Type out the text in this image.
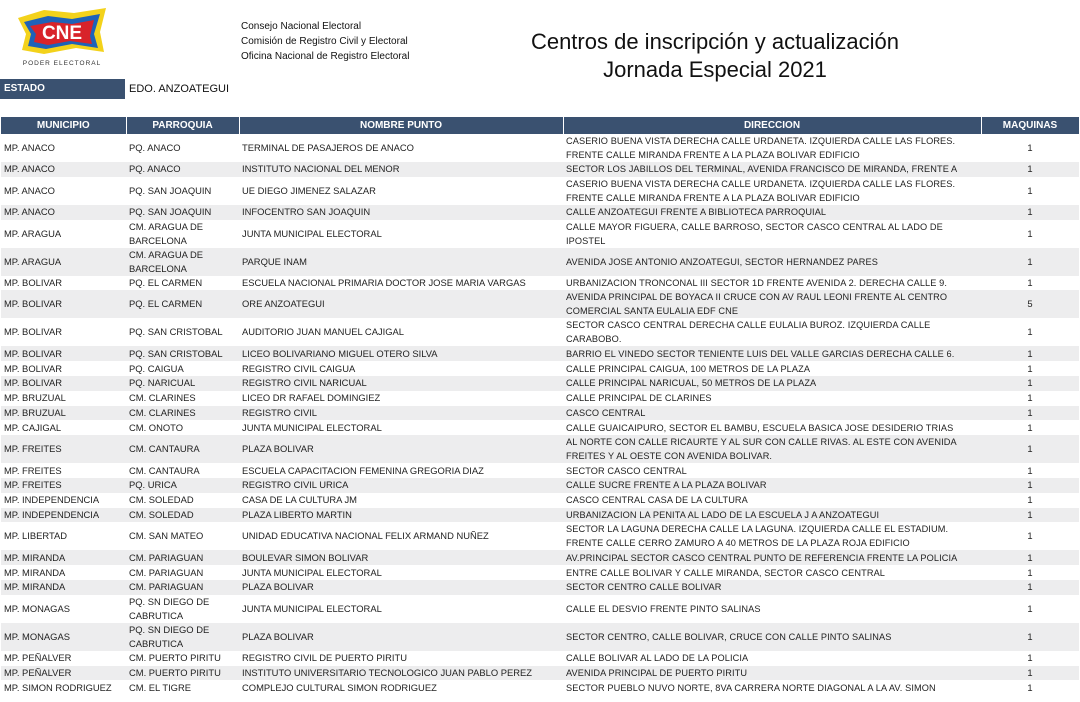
CNE
PODER ELECTORAL
Consejo Nacional Electoral
Comisión de Registro Civil y Electoral
Oficina Nacional de Registro Electoral
Centros de inscripción y actualización
Jornada Especial 2021
ESTADO	EDO. ANZOATEGUI
MUNICIPIO	PARROQUIA	NOMBRE PUNTO	DIRECCION	MAQUINAS
MP. ANACO	PQ. ANACO	TERMINAL DE PASAJEROS DE ANACO	CASERIO BUENA VISTA DERECHA CALLE URDANETA. IZQUIERDA CALLE LAS FLORES. FRENTE CALLE MIRANDA FRENTE A LA PLAZA BOLIVAR EDIFICIO	1
MP. ANACO	PQ. ANACO	INSTITUTO NACIONAL DEL MENOR	SECTOR LOS JABILLOS DEL TERMINAL, AVENIDA FRANCISCO DE MIRANDA, FRENTE A	1
MP. ANACO	PQ. SAN JOAQUIN	UE DIEGO JIMENEZ SALAZAR	CASERIO BUENA VISTA DERECHA CALLE URDANETA. IZQUIERDA CALLE LAS FLORES. FRENTE CALLE MIRANDA FRENTE A LA PLAZA BOLIVAR EDIFICIO	1
MP. ANACO	PQ. SAN JOAQUIN	INFOCENTRO SAN JOAQUIN	CALLE ANZOATEGUI FRENTE A BIBLIOTECA PARROQUIAL	1
MP. ARAGUA	CM. ARAGUA DE BARCELONA	JUNTA MUNICIPAL ELECTORAL	CALLE MAYOR FIGUERA, CALLE BARROSO, SECTOR CASCO CENTRAL AL LADO DE IPOSTEL	1
MP. ARAGUA	CM. ARAGUA DE BARCELONA	PARQUE INAM	AVENIDA JOSE ANTONIO ANZOATEGUI, SECTOR HERNANDEZ PARES	1
MP. BOLIVAR	PQ. EL CARMEN	ESCUELA NACIONAL PRIMARIA DOCTOR JOSE MARIA VARGAS	URBANIZACION TRONCONAL III SECTOR 1D FRENTE AVENIDA 2. DERECHA CALLE 9.	1
MP. BOLIVAR	PQ. EL CARMEN	ORE ANZOATEGUI	AVENIDA PRINCIPAL DE BOYACA II CRUCE CON AV RAUL LEONI FRENTE AL CENTRO COMERCIAL SANTA EULALIA EDF CNE	5
MP. BOLIVAR	PQ. SAN CRISTOBAL	AUDITORIO JUAN MANUEL CAJIGAL	SECTOR CASCO CENTRAL DERECHA CALLE EULALIA BUROZ. IZQUIERDA CALLE CARABOBO.	1
MP. BOLIVAR	PQ. SAN CRISTOBAL	LICEO BOLIVARIANO MIGUEL OTERO SILVA	BARRIO EL VINEDO SECTOR TENIENTE LUIS DEL VALLE GARCIAS DERECHA CALLE 6.	1
MP. BOLIVAR	PQ. CAIGUA	REGISTRO CIVIL CAIGUA	CALLE PRINCIPAL CAIGUA, 100 METROS DE LA PLAZA	1
MP. BOLIVAR	PQ. NARICUAL	REGISTRO CIVIL NARICUAL	CALLE PRINCIPAL NARICUAL, 50 METROS DE LA PLAZA	1
MP. BRUZUAL	CM. CLARINES	LICEO DR RAFAEL DOMINGIEZ	CALLE PRINCIPAL DE CLARINES	1
MP. BRUZUAL	CM. CLARINES	REGISTRO CIVIL	CASCO CENTRAL	1
MP. CAJIGAL	CM. ONOTO	JUNTA MUNICIPAL ELECTORAL	CALLE GUAICAIPURO, SECTOR EL BAMBU, ESCUELA BASICA JOSE DESIDERIO TRIAS	1
MP. FREITES	CM. CANTAURA	PLAZA BOLIVAR	AL NORTE CON CALLE RICAURTE Y AL SUR CON CALLE RIVAS. AL ESTE CON AVENIDA FREITES Y AL OESTE CON AVENIDA BOLIVAR.	1
MP. FREITES	CM. CANTAURA	ESCUELA CAPACITACION FEMENINA GREGORIA DIAZ	SECTOR CASCO CENTRAL	1
MP. FREITES	PQ. URICA	REGISTRO CIVIL URICA	CALLE SUCRE FRENTE A LA PLAZA BOLIVAR	1
MP. INDEPENDENCIA	CM. SOLEDAD	CASA DE LA CULTURA JM	CASCO CENTRAL CASA DE LA CULTURA	1
MP. INDEPENDENCIA	CM. SOLEDAD	PLAZA LIBERTO MARTIN	URBANIZACION LA PENITA AL LADO DE LA ESCUELA J A ANZOATEGUI	1
MP. LIBERTAD	CM. SAN MATEO	UNIDAD EDUCATIVA NACIONAL FELIX ARMAND NUÑEZ	SECTOR LA LAGUNA DERECHA CALLE LA LAGUNA. IZQUIERDA CALLE EL ESTADIUM. FRENTE CALLE CERRO ZAMURO A 40 METROS DE LA PLAZA ROJA EDIFICIO	1
MP. MIRANDA	CM. PARIAGUAN	BOULEVAR SIMON BOLIVAR	AV.PRINCIPAL SECTOR CASCO CENTRAL PUNTO DE REFERENCIA FRENTE LA POLICIA	1
MP. MIRANDA	CM. PARIAGUAN	JUNTA MUNICIPAL ELECTORAL	ENTRE CALLE BOLIVAR Y CALLE MIRANDA, SECTOR CASCO CENTRAL	1
MP. MIRANDA	CM. PARIAGUAN	PLAZA BOLIVAR	SECTOR CENTRO CALLE BOLIVAR	1
MP. MONAGAS	PQ. SN DIEGO DE CABRUTICA	JUNTA MUNICIPAL ELECTORAL	CALLE EL DESVIO FRENTE PINTO SALINAS	1
MP. MONAGAS	PQ. SN DIEGO DE CABRUTICA	PLAZA BOLIVAR	SECTOR CENTRO, CALLE BOLIVAR, CRUCE CON CALLE PINTO SALINAS	1
MP. PEÑALVER	CM. PUERTO PIRITU	REGISTRO CIVIL DE PUERTO PIRITU	CALLE BOLIVAR AL LADO DE LA POLICIA	1
MP. PEÑALVER	CM. PUERTO PIRITU	INSTITUTO UNIVERSITARIO TECNOLOGICO JUAN PABLO PEREZ	AVENIDA PRINCIPAL DE PUERTO PIRITU	1
MP. SIMON RODRIGUEZ	CM. EL TIGRE	COMPLEJO CULTURAL SIMON RODRIGUEZ	SECTOR PUEBLO NUVO NORTE, 8VA CARRERA NORTE DIAGONAL A LA AV. SIMON	1
